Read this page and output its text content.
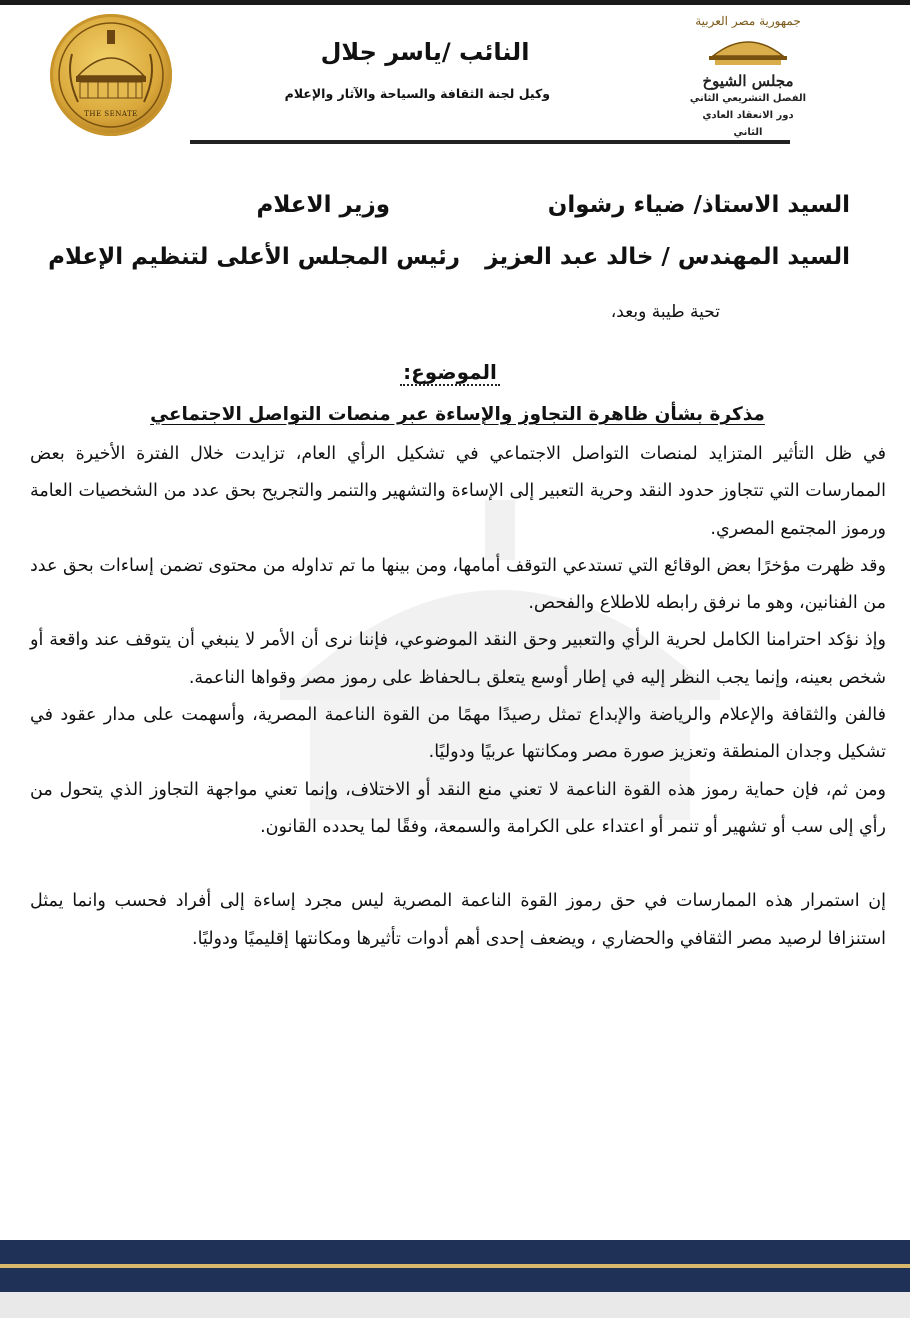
THE SENATE
النائب /ياسر جلال
وكيل لجنة الثقافة والسياحة والآثار والإعلام
جمهورية مصر العربية
مجلس الشيوخ
الفصل التشريعي الثاني
دور الانعقاد العادي الثاني
السيد الاستاذ/ ضياء رشوان
وزير الاعلام
السيد المهندس / خالد عبد العزيز
رئيس المجلس الأعلى لتنظيم الإعلام
تحية طيبة وبعد،
الموضوع:
مذكرة بشأن ظاهرة التجاوز والإساءة عبر منصات التواصل الاجتماعي

في ظل التأثير المتزايد لمنصات التواصل الاجتماعي في تشكيل الرأي العام، تزايدت خلال الفترة الأخيرة بعض الممارسات التي تتجاوز حدود النقد وحرية التعبير إلى الإساءة والتشهير والتنمر والتجريح بحق عدد من الشخصيات العامة ورموز المجتمع المصري.

وقد ظهرت مؤخرًا بعض الوقائع التي تستدعي التوقف أمامها، ومن بينها ما تم تداوله من محتوى تضمن إساءات بحق عدد من الفنانين، وهو ما نرفق رابطه للاطلاع والفحص.

وإذ نؤكد احترامنا الكامل لحرية الرأي والتعبير وحق النقد الموضوعي، فإننا نرى أن الأمر لا ينبغي أن يتوقف عند واقعة أو شخص بعينه، وإنما يجب النظر إليه في إطار أوسع يتعلق بـالحفاظ على رموز مصر وقواها الناعمة.

فالفن والثقافة والإعلام والرياضة والإبداع تمثل رصيدًا مهمًا من القوة الناعمة المصرية، وأسهمت على مدار عقود في تشكيل وجدان المنطقة وتعزيز صورة مصر ومكانتها عربيًا ودوليًا.

ومن ثم، فإن حماية رموز هذه القوة الناعمة لا تعني منع النقد أو الاختلاف، وإنما تعني مواجهة التجاوز الذي يتحول من رأي إلى سب أو تشهير أو تنمر أو اعتداء على الكرامة والسمعة، وفقًا لما يحدده القانون.

إن استمرار هذه الممارسات في حق رموز القوة الناعمة المصرية ليس مجرد إساءة إلى أفراد فحسب وانما يمثل استنزافا لرصيد مصر الثقافي والحضاري ، ويضعف إحدى أهم أدوات تأثيرها ومكانتها إقليميًا ودوليًا.
